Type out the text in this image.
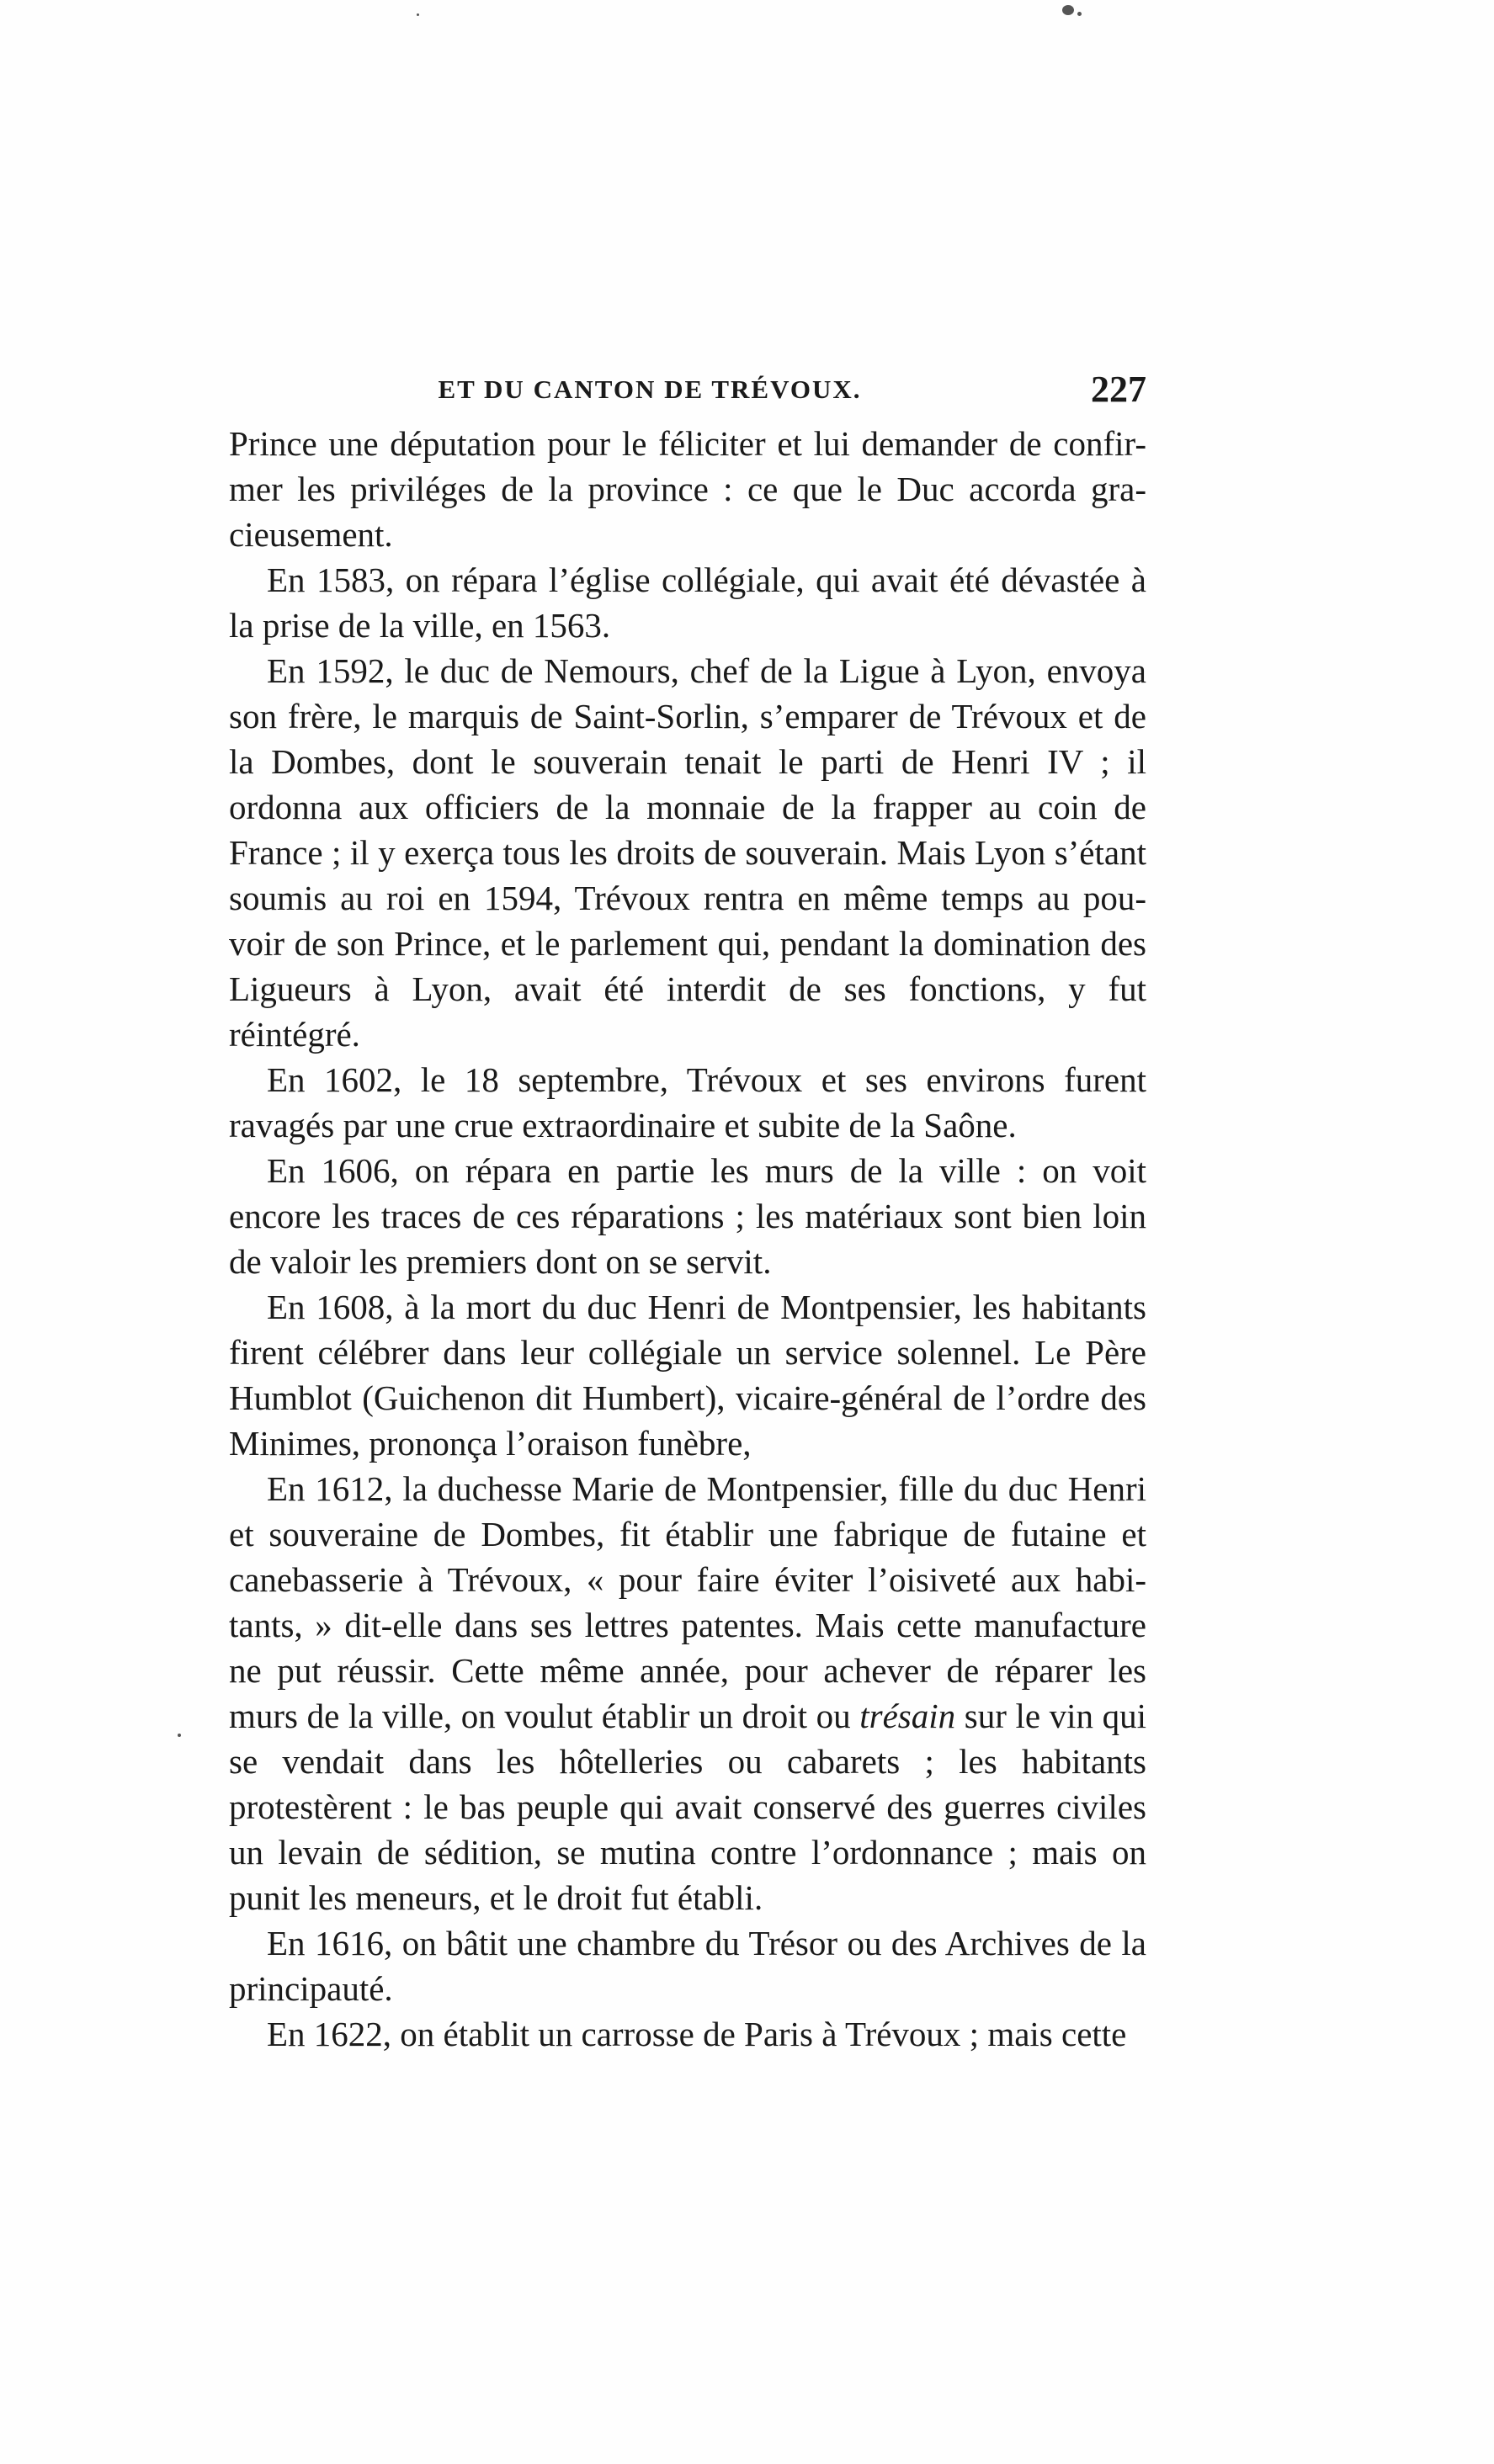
ET DU CANTON DE TRÉVOUX.	227

Prince une députation pour le féliciter et lui demander de confir-mer les priviléges de la province : ce que le Duc accorda gra-cieusement.

En 1583, on répara l’église collégiale, qui avait été dévastée à la prise de la ville, en 1563.

En 1592, le duc de Nemours, chef de la Ligue à Lyon, envoya son frère, le marquis de Saint-Sorlin, s’emparer de Trévoux et de la Dombes, dont le souverain tenait le parti de Henri IV ; il ordonna aux officiers de la monnaie de la frapper au coin de France ; il y exerça tous les droits de souverain. Mais Lyon s’étant soumis au roi en 1594, Trévoux rentra en même temps au pou-voir de son Prince, et le parlement qui, pendant la domination des Ligueurs à Lyon, avait été interdit de ses fonctions, y fut réintégré.

En 1602, le 18 septembre, Trévoux et ses environs furent ravagés par une crue extraordinaire et subite de la Saône.

En 1606, on répara en partie les murs de la ville : on voit encore les traces de ces réparations ; les matériaux sont bien loin de valoir les premiers dont on se servit.

En 1608, à la mort du duc Henri de Montpensier, les habitants firent célébrer dans leur collégiale un service solennel. Le Père Humblot (Guichenon dit Humbert), vicaire-général de l’ordre des Minimes, prononça l’oraison funèbre,

En 1612, la duchesse Marie de Montpensier, fille du duc Henri et souveraine de Dombes, fit établir une fabrique de futaine et canebasserie à Trévoux, « pour faire éviter l’oisiveté aux habi-tants, » dit-elle dans ses lettres patentes. Mais cette manufacture ne put réussir. Cette même année, pour achever de réparer les murs de la ville, on voulut établir un droit ou trésain sur le vin qui se vendait dans les hôtelleries ou cabarets ; les habitants protestèrent : le bas peuple qui avait conservé des guerres civiles un levain de sédition, se mutina contre l’ordonnance ; mais on punit les meneurs, et le droit fut établi.

En 1616, on bâtit une chambre du Trésor ou des Archives de la principauté.

En 1622, on établit un carrosse de Paris à Trévoux ; mais cette
